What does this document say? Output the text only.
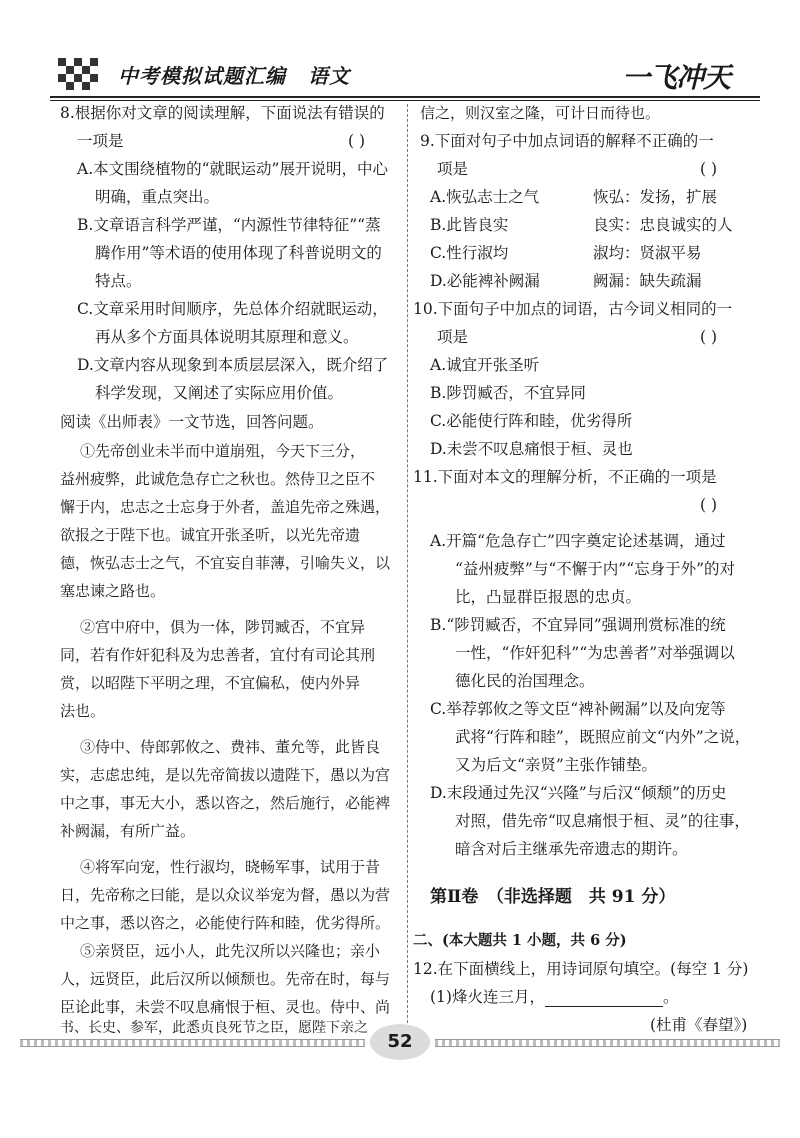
中考模拟试题汇编 语文	一飞冲天
8.根据你对文章的阅读理解，下面说法有错误的
一项是	( )
A.本文围绕植物的“就眠运动”展开说明，中心
明确，重点突出。
B.文章语言科学严谨，“内源性节律特征”“蒸
腾作用”等术语的使用体现了科普说明文的
特点。
C.文章采用时间顺序，先总体介绍就眠运动，
再从多个方面具体说明其原理和意义。
D.文章内容从现象到本质层层深入，既介绍了
科学发现，又阐述了实际应用价值。
阅读《出师表》一文节选，回答问题。
①先帝创业未半而中道崩殂，今天下三分，
益州疲弊，此诚危急存亡之秋也。然侍卫之臣不
懈于内，忠志之士忘身于外者，盖追先帝之殊遇，
欲报之于陛下也。诚宜开张圣听，以光先帝遗
德，恢弘志士之气，不宜妄自菲薄，引喻失义，以
塞忠谏之路也。
②宫中府中，俱为一体，陟罚臧否，不宜异
同，若有作奸犯科及为忠善者，宜付有司论其刑
赏，以昭陛下平明之理，不宜偏私，使内外异
法也。
③侍中、侍郎郭攸之、费祎、董允等，此皆良
实，志虑忠纯，是以先帝简拔以遗陛下，愚以为宫
中之事，事无大小，悉以咨之，然后施行，必能裨
补阙漏，有所广益。
④将军向宠，性行淑均，晓畅军事，试用于昔
日，先帝称之曰能，是以众议举宠为督，愚以为营
中之事，悉以咨之，必能使行阵和睦，优劣得所。
⑤亲贤臣，远小人，此先汉所以兴隆也；亲小
人，远贤臣，此后汉所以倾颓也。先帝在时，每与
臣论此事，未尝不叹息痛恨于桓、灵也。侍中、尚
书、长史、参军，此悉贞良死节之臣，愿陛下亲之
信之，则汉室之隆，可计日而待也。
9.下面对句子中加点词语的解释不正确的一
项是	( )
A.恢弘志士之气	恢弘：发扬，扩展
B.此皆良实	良实：忠良诚实的人
C.性行淑均	淑均：贤淑平易
D.必能裨补阙漏	阙漏：缺失疏漏
10.下面句子中加点的词语，古今词义相同的一
项是	( )
A.诚宜开张圣听
B.陟罚臧否，不宜异同
C.必能使行阵和睦，优劣得所
D.未尝不叹息痛恨于桓、灵也
11.下面对本文的理解分析，不正确的一项是
( )
A.开篇“危急存亡”四字奠定论述基调，通过
“益州疲弊”与“不懈于内”“忘身于外”的对
比，凸显群臣报恩的忠贞。
B.“陟罚臧否，不宜异同”强调刑赏标准的统
一性，“作奸犯科”“为忠善者”对举强调以
德化民的治国理念。
C.举荐郭攸之等文臣“裨补阙漏”以及向宠等
武将“行阵和睦”，既照应前文“内外”之说，
又为后文“亲贤”主张作铺垫。
D.末段通过先汉“兴隆”与后汉“倾颓”的历史
对照，借先帝“叹息痛恨于桓、灵”的往事，
暗含对后主继承先帝遗志的期许。
第Ⅱ卷　（非选择题　共 91 分）
二、(本大题共 1 小题，共 6 分)
12.在下面横线上，用诗词原句填空。(每空 1 分)
(1)烽火连三月，	。
(杜甫《春望》)
52
